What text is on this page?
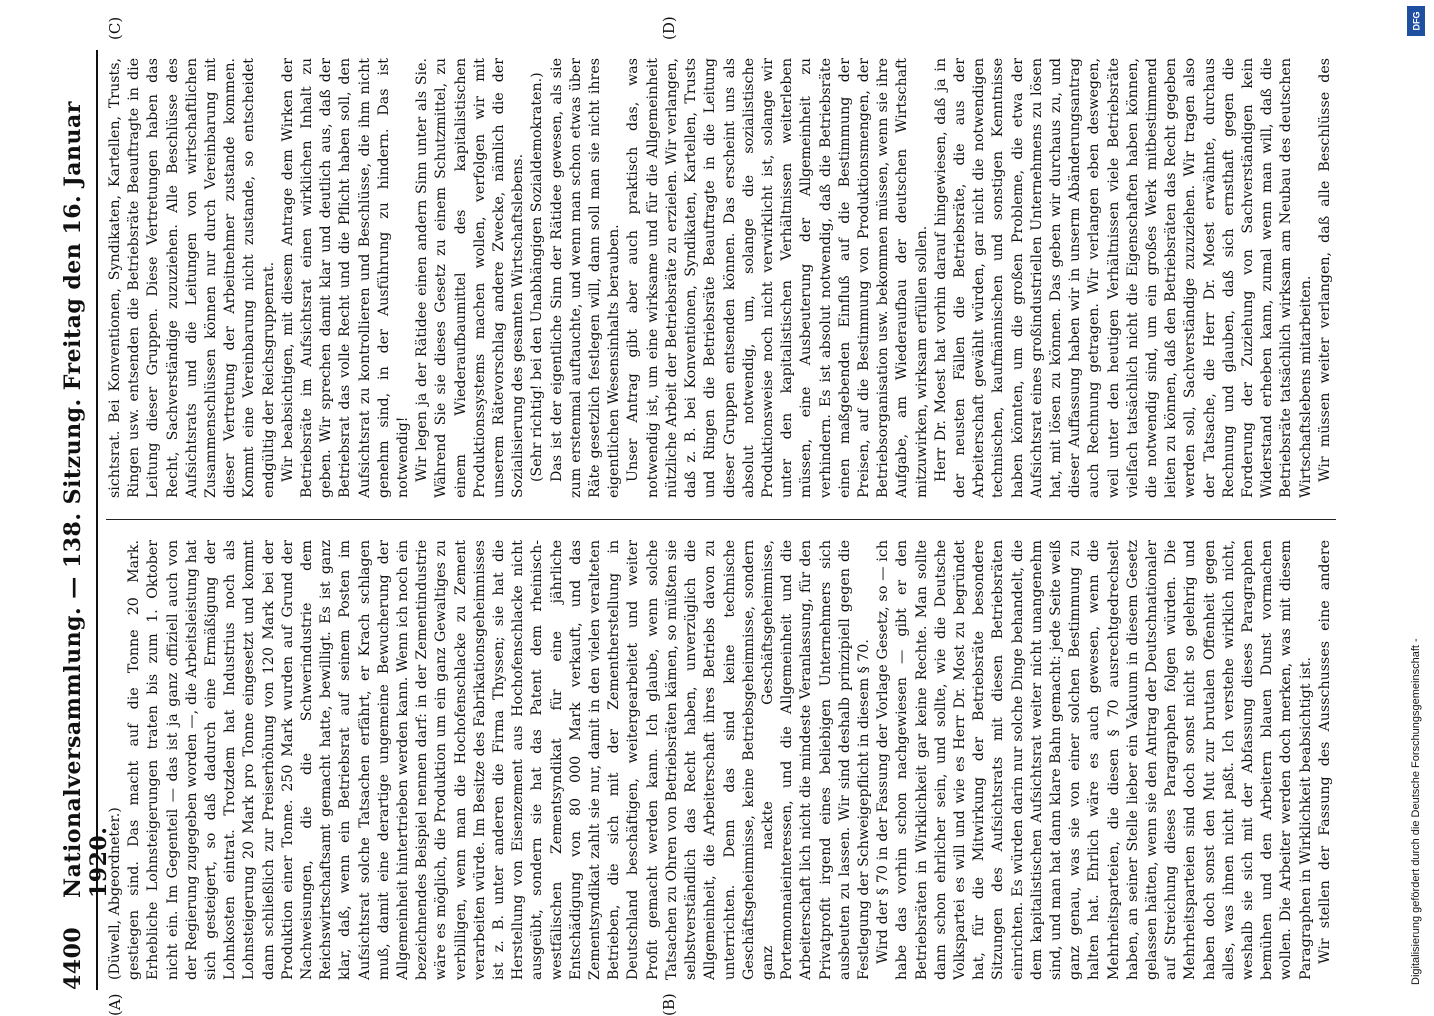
4400
Nationalversammlung. — 138. Sitzung. Freitag den 16. Januar 1920.
(A)	(B)
(C)	(D)

(Düwell, Abgeordneter.) gestiegen sind. Das macht auf die Tonne 20 Mark. Erhebliche Lohnsteigerungen traten bis zum 1. Oktober nicht ein. Im Gegenteil — das ist ja ganz offiziell auch von der Regierung zugegeben worden —, die Arbeitsleistung hat sich gesteigert, so daß dadurch eine Ermäßigung der Lohnkosten eintrat. Trotzdem hat Industrius noch als Lohnsteigerung 20 Mark pro Tonne eingesetzt und kommt dann schließlich zur Preiserhöhung von 120 Mark bei der Produktion einer Tonne. 250 Mark wurden auf Grund der Nachweisungen, die die Schwerindustrie dem Reichswirtschaftsamt gemacht hatte, bewilligt. Es ist ganz klar, daß, wenn ein Betriebsrat auf seinem Posten im Aufsichtsrat solche Tatsachen erfährt, er Krach schlagen muß, damit eine derartige ungemeine Bewucherung der Allgemeinheit hintertrieben werden kann. Wenn ich noch ein bezeichnendes Beispiel nennen darf: in der Zementindustrie wäre es möglich, die Produktion um ein ganz Gewaltiges zu verbilligen, wenn man die Hochofenschlacke zu Zement verarbeiten würde. Im Besitze des Fabrikationsgeheimnisses ist z. B. unter anderen die Firma Thyssen; sie hat die Herstellung von Eisenzement aus Hochofenschlacke nicht ausgeübt, sondern sie hat das Patent dem rheinisch-westfälischen Zementsyndikat für eine jährliche Entschädigung von 80 000 Mark verkauft, und das Zementsyndikat zahlt sie nur, damit in den vielen veralteten Betrieben, die sich mit der Zementherstellung in Deutschland beschäftigen, weitergearbeitet und weiter Profit gemacht werden kann. Ich glaube, wenn solche Tatsachen zu Ohren von Betriebsräten kämen, so müßten sie selbstverständlich das Recht haben, unverzüglich die Allgemeinheit, die Arbeiterschaft ihres Betriebs davon zu unterrichten. Denn das sind keine technische Geschäftsgeheimnisse, keine Betriebsgeheimnisse, sondern ganz nackte Geschäftsgeheimnisse, Portemonnaieinteressen, und die Allgemeinheit und die Arbeiterschaft lich nicht die mindeste Veranlassung, für den Privatprofit irgend eines beliebigen Unternehmers sich ausbeuten zu lassen. Wir sind deshalb prinzipiell gegen die Festlegung der Schweigepflicht in diesem § 70. Wird der § 70 in der Fassung der Vorlage Gesetz, so — ich habe das vorhin schon nachgewiesen — gibt er den Betriebsräten in Wirklichkeit gar keine Rechte. Man sollte dann schon ehrlicher sein, und sollte, wie die Deutsche Volkspartei es will und wie es Herr Dr. Most zu begründet hat, für die Mitwirkung der Betriebsräte besondere Sitzungen des Aufsichtsrats mit diesen Betriebsräten einrichten. Es würden darin nur solche Dinge behandelt, die dem kapitalistischen Aufsichtsrat weiter nicht unangenehm sind, und man hat dann klare Bahn gemacht: jede Seite weiß ganz genau, was sie von einer solchen Bestimmung zu halten hat. Ehrlich wäre es auch gewesen, wenn die Mehrheitsparteien, die diesen § 70 ausrechtgedrechselt haben, an seiner Stelle lieber ein Vakuum in diesem Gesetz gelassen hätten, wenn sie den Antrag der Deutschnationaler auf Streichung dieses Paragraphen folgen würden. Die Mehrheitsparteien sind doch sonst nicht so gelehrig und haben doch sonst den Mut zur brutalen Offenheit gegen alles, was ihnen nicht paßt. Ich verstehe wirklich nicht, weshalb sie sich mit der Abfassung dieses Paragraphen bemühen und den Arbeitern blauen Dunst vormachen wollen. Die Arbeiter werden doch merken, was mit diesem Paragraphen in Wirklichkeit beabsichtigt ist. Wir stellen der Fassung des Ausschusses eine andere

sichtsrat. Bei Konventionen, Syndikaten, Kartellen, Trusts, Ringen usw. entsenden die Betriebsräte Beauftragte in die Leitung dieser Gruppen. Diese Vertretungen haben das Recht, Sachverständige zuzuziehen. Alle Beschlüsse des Aufsichtsrats und die Leitungen von wirtschaftlichen Zusammenschlüssen können nur durch Vereinbarung mit dieser Vertretung der Arbeitnehmer zustande kommen. Kommt eine Vereinbarung nicht zustande, so entscheidet endgültig der Reichsgruppenrat. Wir beabsichtigen, mit diesem Antrage dem Wirken der Betriebsräte im Aufsichtsrat einen wirklichen Inhalt zu geben. Wir sprechen damit klar und deutlich aus, daß der Betriebsrat das volle Recht und die Pflicht haben soll, den Aufsichtsrat zu kontrollieren und Beschlüsse, die ihm nicht genehm sind, in der Ausführung zu hindern. Das ist notwendig! Wir legen ja der Rätidee einen andern Sinn unter als Sie. Während Sie sie dieses Gesetz zu einem Schutzmittel, zu einem Wiederaufbaumittel des kapitalistischen Produktionssystems machen wollen, verfolgen wir mit unserem Rätevorschlag andere Zwecke, nämlich die der Sozialisierung des gesamten Wirtschaftslebens. (Sehr richtig! bei den Unabhängigen Sozialdemokraten.) Das ist der eigentliche Sinn der Rätidee gewesen, als sie zum erstenmal auftauchte, und wenn man schon etwas über Räte gesetzlich festlegen will, dann soll man sie nicht ihres eigentlichen Wesensinhalts berauben. Unser Antrag gibt aber auch praktisch das, was notwendig ist, um eine wirksame und für die Allgemeinheit nützliche Arbeit der Betriebsräte zu erzielen. Wir verlangen, daß z. B. bei Konventionen, Syndikaten, Kartellen, Trusts und Ringen die Betriebsräte Beauftragte in die Leitung dieser Gruppen entsenden können. Das erscheint uns als absolut notwendig, um, solange die sozialistische Produktionsweise noch nicht verwirklicht ist, solange wir unter den kapitalistischen Verhältnissen weiterleben müssen, eine Ausbeuterung der Allgemeinheit zu verhindern. Es ist absolut notwendig, daß die Betriebsräte einen maßgebenden Einfluß auf die Bestimmung der Preisen, auf die Bestimmung von Produktionsmengen, der Betriebsorganisation usw. bekommen müssen, wenn sie ihre Aufgabe, am Wiederaufbau der deutschen Wirtschaft mitzuwirken, wirksam erfüllen sollen. Herr Dr. Moest hat vorhin darauf hingewiesen, daß ja in der neusten Fällen die Betriebsräte, die aus der Arbeiterschaft gewählt würden, gar nicht die notwendigen technischen, kaufmännischen und sonstigen Kenntnisse haben könnten, um die großen Probleme, die etwa der Aufsichtsrat eines großindustriellen Unternehmens zu lösen hat, mit lösen zu können. Das geben wir durchaus zu, und dieser Auffassung haben wir in unserm Abänderungsantrag auch Rechnung getragen. Wir verlangen eben deswegen, weil unter den heutigen Verhältnissen viele Betriebsräte vielfach tatsächlich nicht die Eigenschaften haben können, die notwendig sind, um ein großes Werk mitbestimmend leiten zu können, daß den Betriebsräten das Recht gegeben werden soll, Sachverständige zuzuziehen. Wir tragen also der Tatsache, die Herr Dr. Moest erwähnte, durchaus Rechnung und glauben, daß sich ernsthaft gegen die Forderung der Zuziehung von Sachverständigen kein Widerstand erheben kann, zumal wenn man will, daß die Betriebsräte tatsächlich wirksam am Neubau des deutschen Wirtschaftslebens mitarbeiten. Wir müssen weiter verlangen, daß alle Beschlüsse des

DFG
Digitalisierung gefördert durch die Deutsche Forschungsgemeinschaft -
